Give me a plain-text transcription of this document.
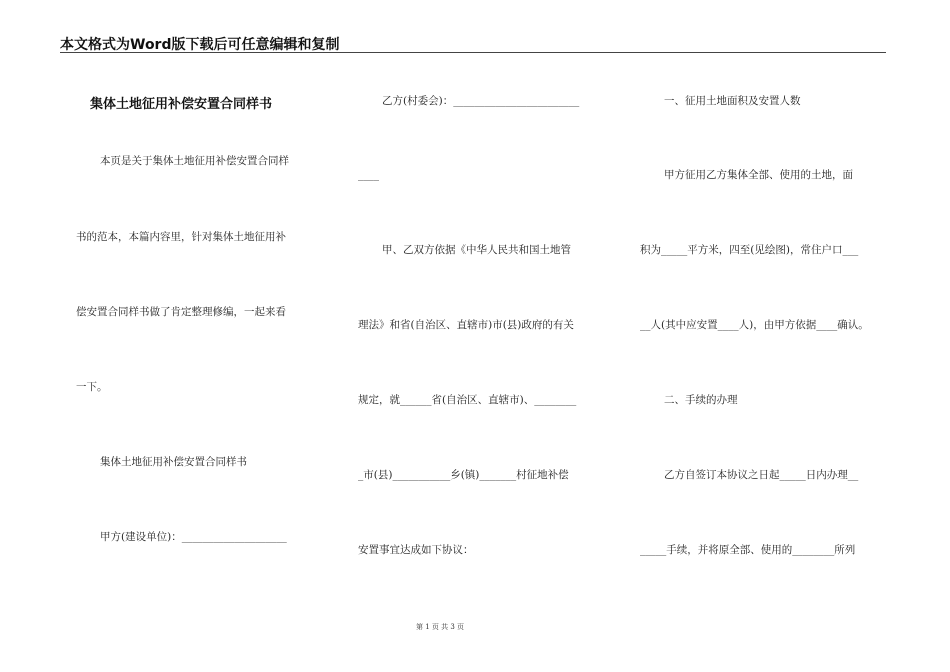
本文格式为Word版下载后可任意编辑和复制
集体土地征用补偿安置合同样书
本页是关于集体土地征用补偿安置合同样
书的范本，本篇内容里，针对集体土地征用补
偿安置合同样书做了肯定整理修编，一起来看
一下。
集体土地征用补偿安置合同样书
甲方(建设单位)：____________________
乙方(村委会)：________________________
____
甲、乙双方依据《中华人民共和国土地管
理法》和省(自治区、直辖市)市(县)政府的有关
规定，就______省(自治区、直辖市)、________
_市(县)___________乡(镇)_______村征地补偿
安置事宜达成如下协议：
一、征用土地面积及安置人数
甲方征用乙方集体全部、使用的土地，面
积为_____平方米，四至(见绘图)，常住户口___
__人(其中应安置____人)，由甲方依据____确认。
二、手续的办理
乙方自签订本协议之日起_____日内办理__
_____手续，并将原全部、使用的________所列
第 1 页 共 3 页
